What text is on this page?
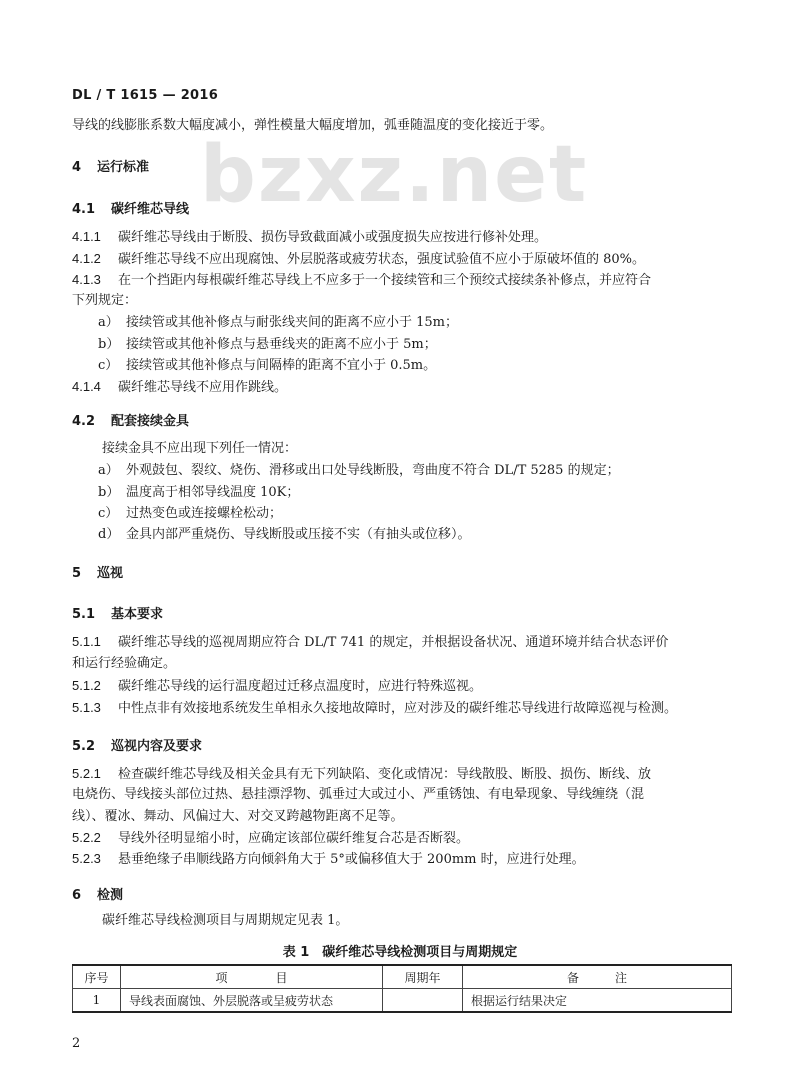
bzxz.net
DL / T 1615 — 2016
导线的线膨胀系数大幅度减小，弹性模量大幅度增加，弧垂随温度的变化接近于零。
4 运行标准
4.1 碳纤维芯导线
4.1.1 碳纤维芯导线由于断股、损伤导致截面减小或强度损失应按进行修补处理。
4.1.2 碳纤维芯导线不应出现腐蚀、外层脱落或疲劳状态，强度试验值不应小于原破坏值的 80%。
4.1.3 在一个挡距内每根碳纤维芯导线上不应多于一个接续管和三个预绞式接续条补修点，并应符合
下列规定：
a） 接续管或其他补修点与耐张线夹间的距离不应小于 15m；
b） 接续管或其他补修点与悬垂线夹的距离不应小于 5m；
c） 接续管或其他补修点与间隔棒的距离不宜小于 0.5m。
4.1.4 碳纤维芯导线不应用作跳线。
4.2 配套接续金具
接续金具不应出现下列任一情况：
a） 外观鼓包、裂纹、烧伤、滑移或出口处导线断股，弯曲度不符合 DL/T 5285 的规定；
b） 温度高于相邻导线温度 10K；
c） 过热变色或连接螺栓松动；
d） 金具内部严重烧伤、导线断股或压接不实（有抽头或位移）。
5 巡视
5.1 基本要求
5.1.1 碳纤维芯导线的巡视周期应符合 DL/T 741 的规定，并根据设备状况、通道环境并结合状态评价
和运行经验确定。
5.1.2 碳纤维芯导线的运行温度超过迁移点温度时，应进行特殊巡视。
5.1.3 中性点非有效接地系统发生单相永久接地故障时，应对涉及的碳纤维芯导线进行故障巡视与检测。
5.2 巡视内容及要求
5.2.1 检查碳纤维芯导线及相关金具有无下列缺陷、变化或情况：导线散股、断股、损伤、断线、放
电烧伤、导线接头部位过热、悬挂漂浮物、弧垂过大或过小、严重锈蚀、有电晕现象、导线缠绕（混
线）、覆冰、舞动、风偏过大、对交叉跨越物距离不足等。
5.2.2 导线外径明显缩小时，应确定该部位碳纤维复合芯是否断裂。
5.2.3 悬垂绝缘子串顺线路方向倾斜角大于 5°或偏移值大于 200mm 时，应进行处理。
6 检测
碳纤维芯导线检测项目与周期规定见表 1。
表 1　碳纤维芯导线检测项目与周期规定
序号	项　　　　目	周期年	备　　　注
1	导线表面腐蚀、外层脱落或呈疲劳状态		根据运行结果决定
2
